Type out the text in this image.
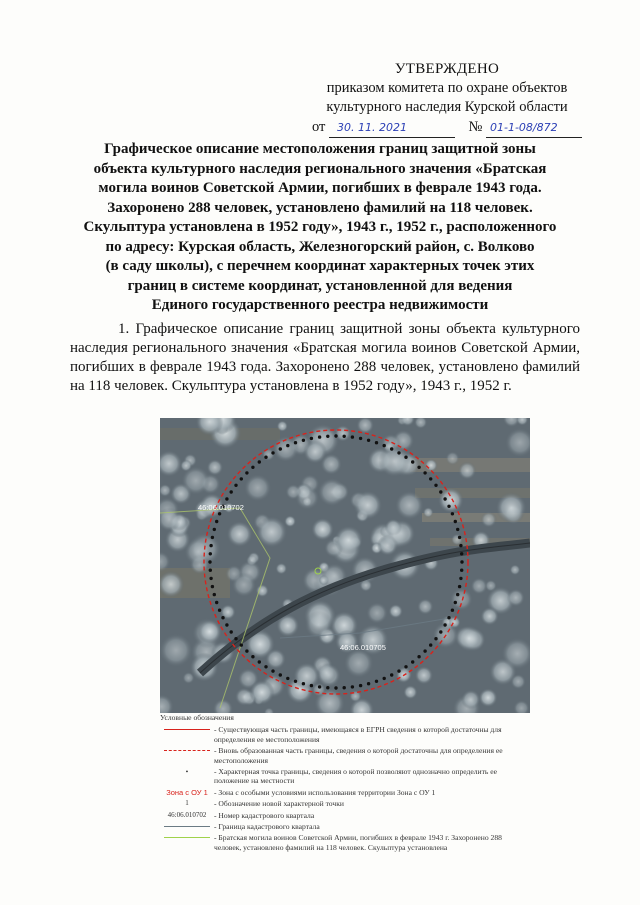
УТВЕРЖДЕНО
приказом комитета по охране объектов
культурного наследия Курской области
от 30. 11. 2021	№ 01-1-08/872
Графическое описание местоположения границ защитной зоны
объекта культурного наследия регионального значения «Братская
могила воинов Советской Армии, погибших в феврале 1943 года.
Захоронено 288 человек, установлено фамилий на 118 человек.
Скульптура установлена в 1952 году», 1943 г., 1952 г., расположенного
по адресу: Курская область, Железногорский район, с. Волково
(в саду школы), с перечнем координат характерных точек этих
границ в системе координат, установленной для ведения
Единого государственного реестра недвижимости
1. Графическое описание границ защитной зоны объекта культурного наследия регионального значения «Братская могила воинов Советской Армии, погибших в феврале 1943 года. Захоронено 288 человек, установлено фамилий на 118 человек. Скульптура установлена в 1952 году», 1943 г., 1952 г.
46:06.010702
46:06.010705
Условные обозначения
- Существующая часть границы, имеющаяся в ЕГРН сведения о которой достаточны для определения ее местоположения
- Вновь образованная часть границы, сведения о которой достаточны для определения ее местоположения
•	- Характерная точка границы, сведения о которой позволяют однозначно определить ее положение на местности
Зона с ОУ 1 - Зона с особыми условиями использования территории Зона с ОУ 1
1	- Обозначение новой характерной точки
46:06.010702	- Номер кадастрового квартала
- Граница кадастрового квартала
- Братская могила воинов Советской Армии, погибших в феврале 1943 г. Захоронено 288 человек, установлено фамилий на 118 человек. Скульптура установлена
